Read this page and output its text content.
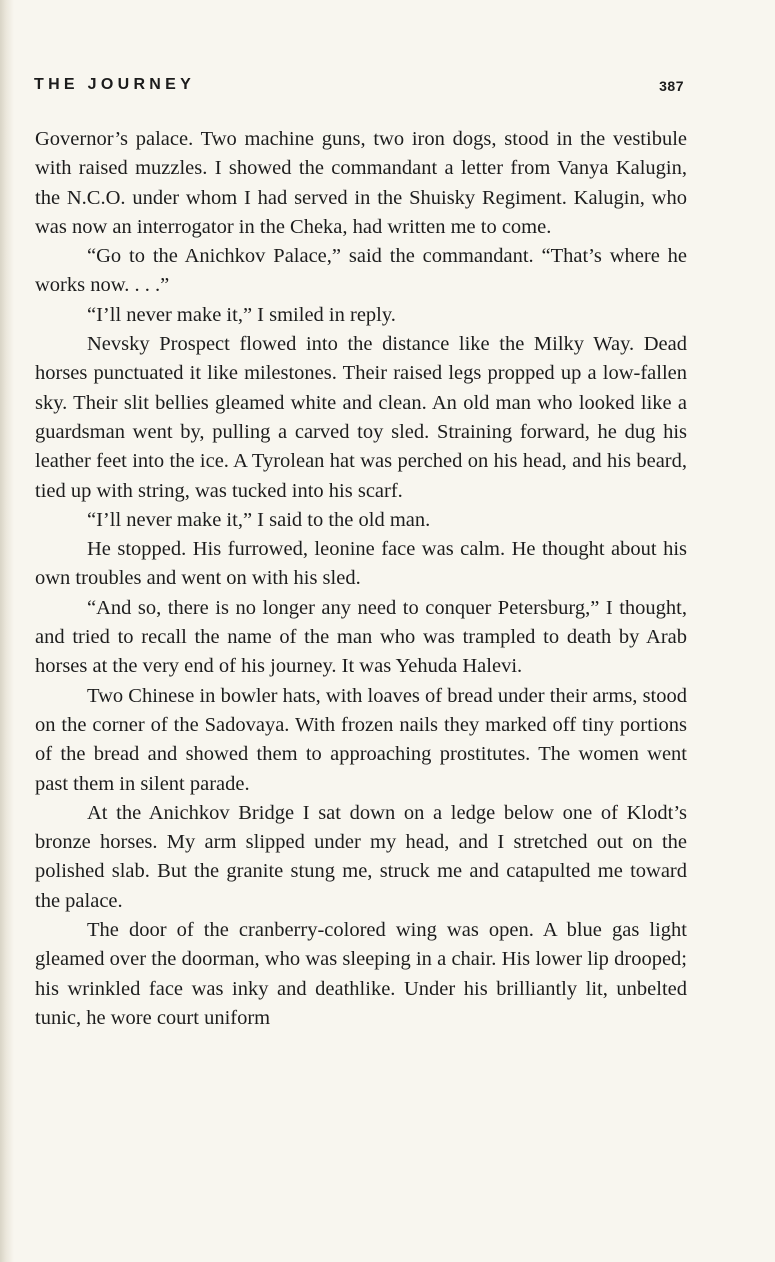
THE JOURNEY	387

Governor’s palace. Two machine guns, two iron dogs, stood in the vestibule with raised muzzles. I showed the commandant a letter from Vanya Kalugin, the N.C.O. under whom I had served in the Shuisky Regiment. Kalugin, who was now an interrogator in the Cheka, had written me to come.

“Go to the Anichkov Palace,” said the commandant. “That’s where he works now. . . .”

“I’ll never make it,” I smiled in reply.

Nevsky Prospect flowed into the distance like the Milky Way. Dead horses punctuated it like milestones. Their raised legs propped up a low-fallen sky. Their slit bellies gleamed white and clean. An old man who looked like a guardsman went by, pulling a carved toy sled. Straining forward, he dug his leather feet into the ice. A Tyrolean hat was perched on his head, and his beard, tied up with string, was tucked into his scarf.

“I’ll never make it,” I said to the old man.

He stopped. His furrowed, leonine face was calm. He thought about his own troubles and went on with his sled.

“And so, there is no longer any need to conquer Petersburg,” I thought, and tried to recall the name of the man who was trampled to death by Arab horses at the very end of his journey. It was Yehuda Halevi.

Two Chinese in bowler hats, with loaves of bread under their arms, stood on the corner of the Sadovaya. With frozen nails they marked off tiny portions of the bread and showed them to approaching prostitutes. The women went past them in silent parade.

At the Anichkov Bridge I sat down on a ledge below one of Klodt’s bronze horses. My arm slipped under my head, and I stretched out on the polished slab. But the granite stung me, struck me and catapulted me toward the palace.

The door of the cranberry-colored wing was open. A blue gas light gleamed over the doorman, who was sleeping in a chair. His lower lip drooped; his wrinkled face was inky and deathlike. Under his brilliantly lit, unbelted tunic, he wore court uniform
